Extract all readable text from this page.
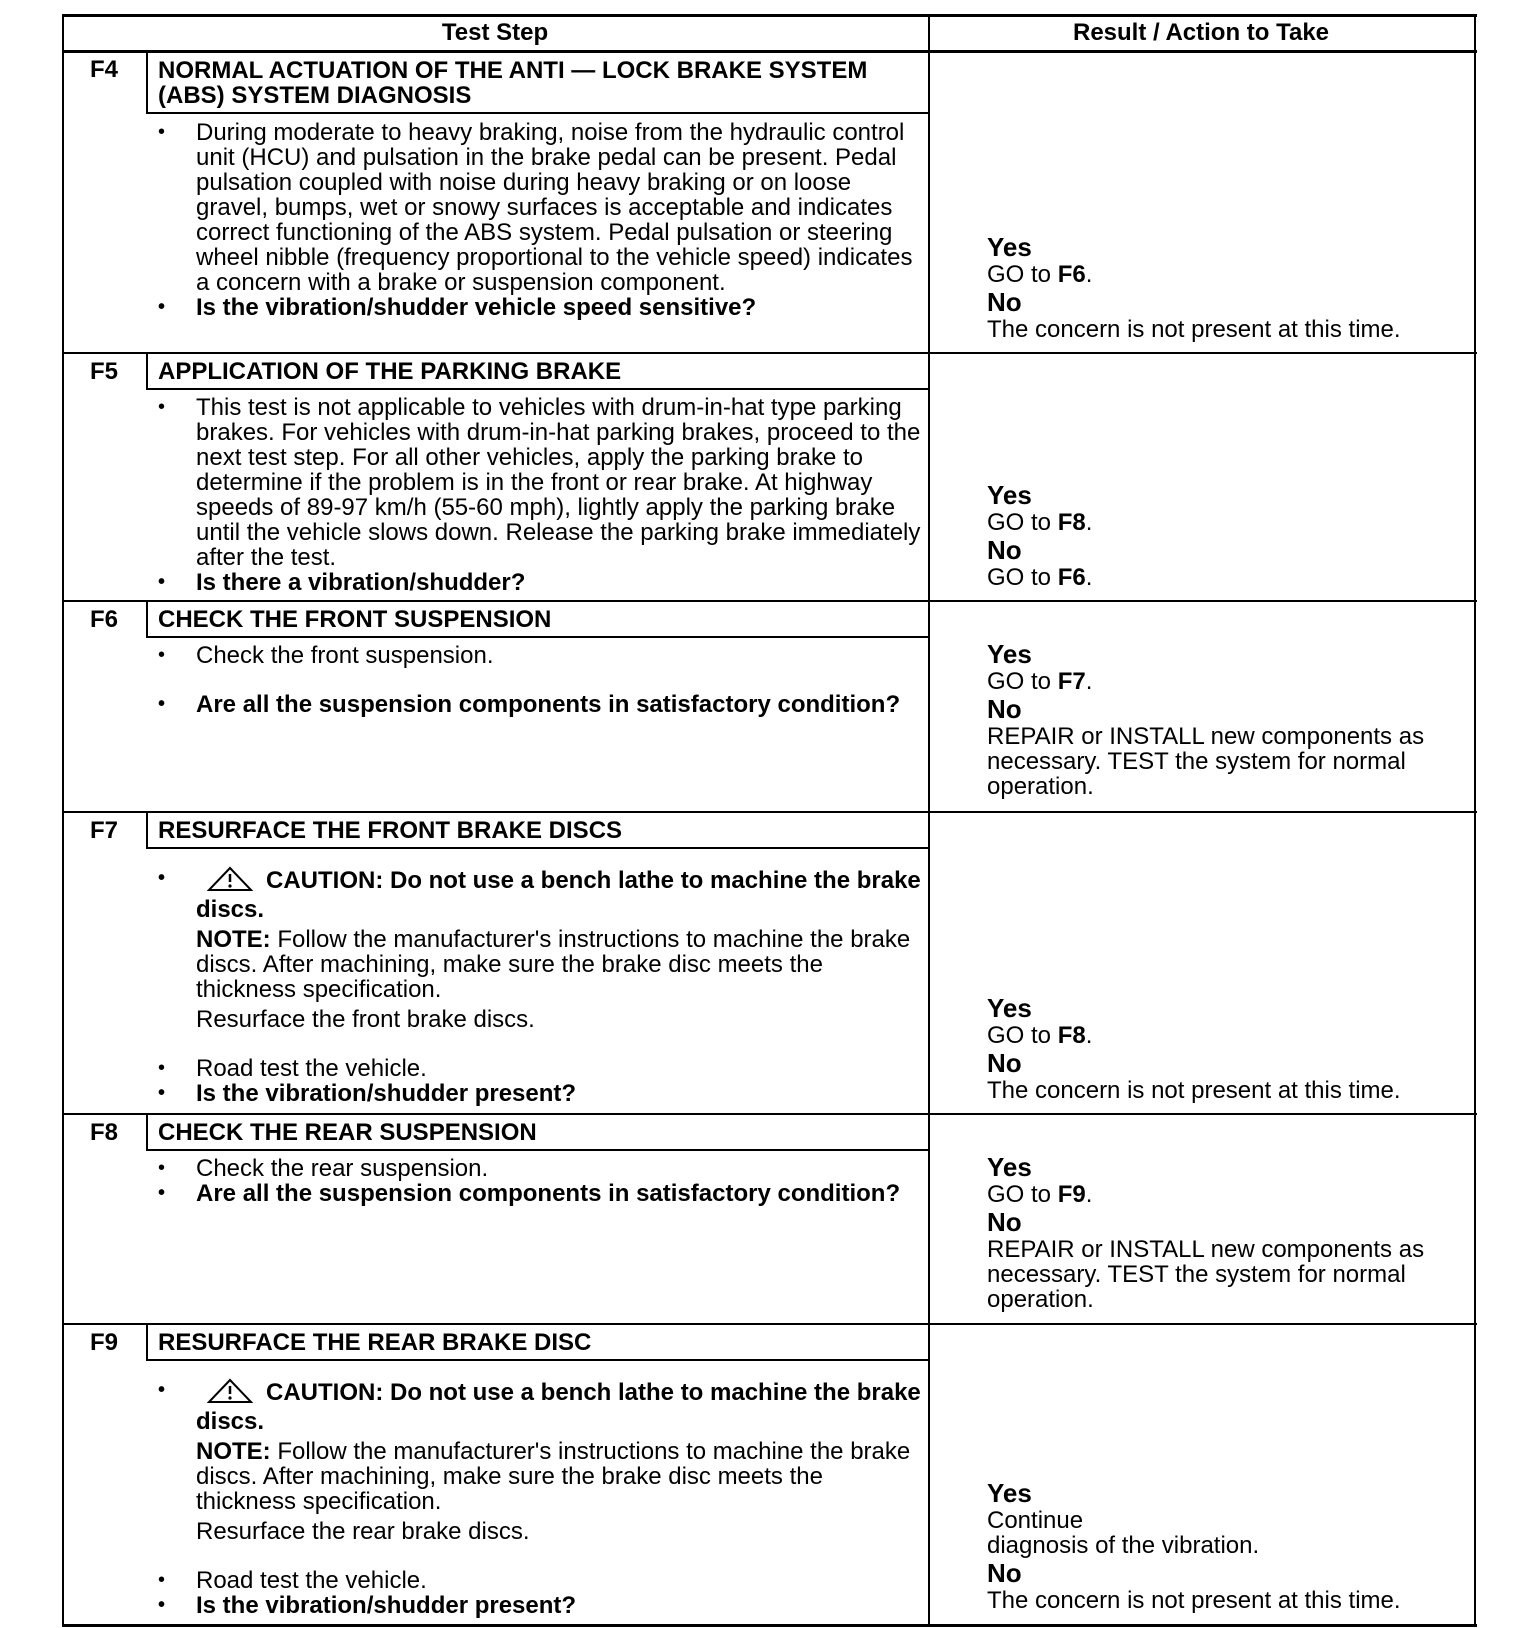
Test Step	Result / Action to Take
F4	NORMAL ACTUATION OF THE ANTI — LOCK BRAKE SYSTEM (ABS) SYSTEM DIAGNOSIS
• During moderate to heavy braking, noise from the hydraulic control unit (HCU) and pulsation in the brake pedal can be present. Pedal pulsation coupled with noise during heavy braking or on loose gravel, bumps, wet or snowy surfaces is acceptable and indicates correct functioning of the ABS system. Pedal pulsation or steering wheel nibble (frequency proportional to the vehicle speed) indicates a concern with a brake or suspension component.
• Is the vibration/shudder vehicle speed sensitive?
Yes
GO to F6.
No
The concern is not present at this time.
F5	APPLICATION OF THE PARKING BRAKE
• This test is not applicable to vehicles with drum-in-hat type parking brakes. For vehicles with drum-in-hat parking brakes, proceed to the next test step. For all other vehicles, apply the parking brake to determine if the problem is in the front or rear brake. At highway speeds of 89-97 km/h (55-60 mph), lightly apply the parking brake until the vehicle slows down. Release the parking brake immediately after the test.
• Is there a vibration/shudder?
Yes
GO to F8.
No
GO to F6.
F6	CHECK THE FRONT SUSPENSION
• Check the front suspension.
• Are all the suspension components in satisfactory condition?
Yes
GO to F7.
No
REPAIR or INSTALL new components as necessary. TEST the system for normal operation.
F7	RESURFACE THE FRONT BRAKE DISCS
• CAUTION: Do not use a bench lathe to machine the brake discs.
NOTE: Follow the manufacturer's instructions to machine the brake discs. After machining, make sure the brake disc meets the thickness specification.
Resurface the front brake discs.
• Road test the vehicle.
• Is the vibration/shudder present?
Yes
GO to F8.
No
The concern is not present at this time.
F8	CHECK THE REAR SUSPENSION
• Check the rear suspension.
• Are all the suspension components in satisfactory condition?
Yes
GO to F9.
No
REPAIR or INSTALL new components as necessary. TEST the system for normal operation.
F9	RESURFACE THE REAR BRAKE DISC
• CAUTION: Do not use a bench lathe to machine the brake discs.
NOTE: Follow the manufacturer's instructions to machine the brake discs. After machining, make sure the brake disc meets the thickness specification.
Resurface the rear brake discs.
• Road test the vehicle.
• Is the vibration/shudder present?
Yes
Continue
diagnosis of the vibration.
No
The concern is not present at this time.
